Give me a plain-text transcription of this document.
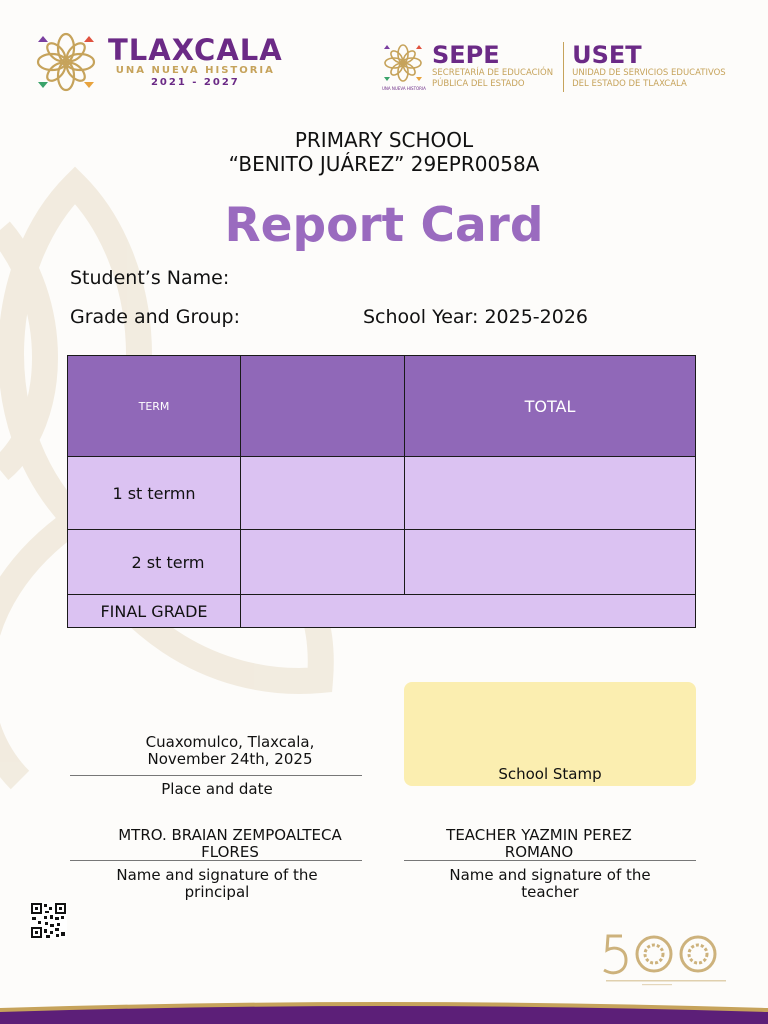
TLAXCALA
UNA NUEVA HISTORIA
2021 - 2027
UNA NUEVA HISTORIA
SEPE
SECRETARÍA DE EDUCACIÓN
PÚBLICA DEL ESTADO
USET
UNIDAD DE SERVICIOS EDUCATIVOS
DEL ESTADO DE TLAXCALA
PRIMARY SCHOOL
“BENITO JUÁREZ” 29EPR0058A
Report Card
Student’s Name:
Grade and Group:	School Year: 2025-2026
TERM		TOTAL
1 st termn		
2 st term		
FINAL GRADE		
Cuaxomulco, Tlaxcala,
November 24th, 2025
Place and date
School Stamp
MTRO. BRAIAN ZEMPOALTECA
FLORES
Name and signature of the
principal
TEACHER YAZMIN PEREZ
ROMANO
Name and signature of the
teacher
